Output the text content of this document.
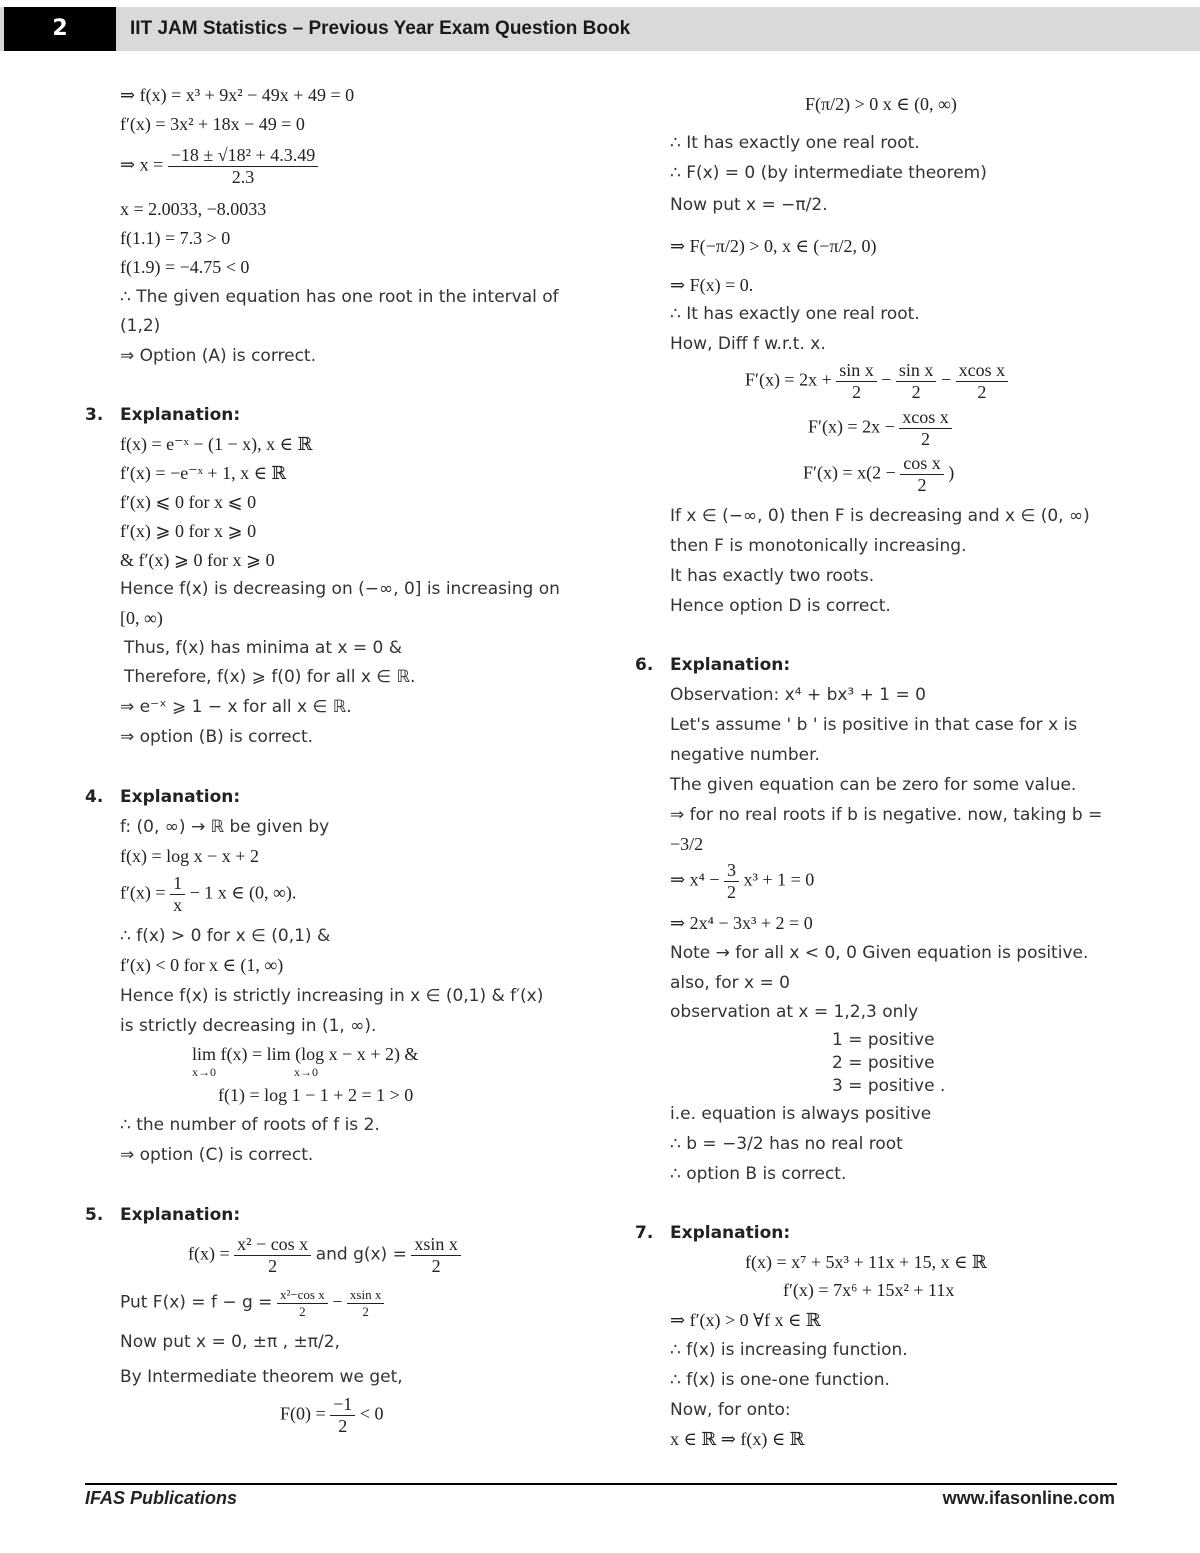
2	IIT JAM Statistics – Previous Year Exam Question Book
⇒ f(x) = x³ + 9x² − 49x + 49 = 0
f′(x) = 3x² + 18x − 49 = 0
⇒ $x = \frac{\text{−18 ± √18² + 4.3.49}}{2.3}$
x = 2.0033, −8.0033
f(1.1) = 7.3 > 0
f(1.9) = −4.75 < 0
∴ The given equation has one root in the interval of
(1,2)
⇒ Option (A) is correct.
3. Explanation:
f(x) = e⁻ˣ − (1 − x), x ∈ ℝ
f′(x) = −e⁻ˣ + 1, x ∈ ℝ
f′(x) ⩽ 0 for x ⩽ 0
f′(x) ⩾ 0 for x ⩾ 0
& f′(x) ⩾ 0 for x ⩾ 0
Hence f(x) is decreasing on (−∞, 0] is increasing on
[0, ∞)
Thus, f(x) has minima at x = 0 &
Therefore, f(x) ⩾ f(0) for all x ∈ ℝ.
⇒ e⁻ˣ ⩾ 1 − x for all x ∈ ℝ.
⇒ option (B) is correct.
4. Explanation:
f: (0, ∞) → ℝ be given by
f(x) = log x − x + 2
$f'(x) = \frac{1}{x} - 1$ x ∈ (0, ∞).
∴ f(x) > 0 for x ∈ (0,1) &
f′(x) < 0 for x ∈ (1, ∞)
Hence f(x) is strictly increasing in x ∈ (0,1) & f′(x)
is strictly decreasing in (1, ∞).
lim f(x) = lim (log x − x + 2) &
x→0	x→0
f(1) = log 1 − 1 + 2 = 1 > 0
∴ the number of roots of f is 2.
⇒ option (C) is correct.
5. Explanation:
$f(x) = \frac{\text{x² − cos x}}{2}$ and $g(x) = \frac{\text{xsin x}}{2}$
Put $F(x) = f - g = \frac{\text{x²−cos x}}{2} - \frac{\text{xsin x}}{2}$
Now put x = 0, ±π , ±π/2,
By Intermediate theorem we get,
$F(0) = \frac{-1}{2} < 0$
F(π/2) > 0 x ∈ (0, ∞)
∴ It has exactly one real root.
∴ F(x) = 0 (by intermediate theorem)
Now put x = −π/2.
⇒ F(−π/2) > 0, x ∈ (−π/2, 0)
⇒ F(x) = 0.
∴ It has exactly one real root.
How, Diff f w.r.t. x.
$F'(x) = 2x + \frac{\text{sin x}}{2} - \frac{\text{sin x}}{2} - \frac{\text{xcos x}}{2}$
$F'(x) = 2x - \frac{\text{xcos x}}{2}$
$F'(x) = x(2 - \frac{\text{cos x}}{2}$ )
If x ∈ (−∞, 0) then F is decreasing and x ∈ (0, ∞)
then F is monotonically increasing.
It has exactly two roots.
Hence option D is correct.
6. Explanation:
Observation: x⁴ + bx³ + 1 = 0
Let's assume ' b ' is positive in that case for x is
negative number.
The given equation can be zero for some value.
⇒ for no real roots if b is negative. now, taking b =
−3/2
⇒ $x^4 - \frac{3}{2} x^3 + 1 = 0$
⇒ 2x⁴ − 3x³ + 2 = 0
Note → for all x < 0, 0 Given equation is positive.
also, for x = 0
observation at x = 1,2,3 only
1 = positive
2 = positive
3 = positive .
i.e. equation is always positive
∴ b = −3/2 has no real root
∴ option B is correct.
7. Explanation:
f(x) = x⁷ + 5x³ + 11x + 15, x ∈ ℝ
f′(x) = 7x⁶ + 15x² + 11x
⇒ f′(x) > 0 ∀f x ∈ ℝ
∴ f(x) is increasing function.
∴ f(x) is one-one function.
Now, for onto:
x ∈ ℝ ⇒ f(x) ∈ ℝ
IFAS Publications	www.ifasonline.com
